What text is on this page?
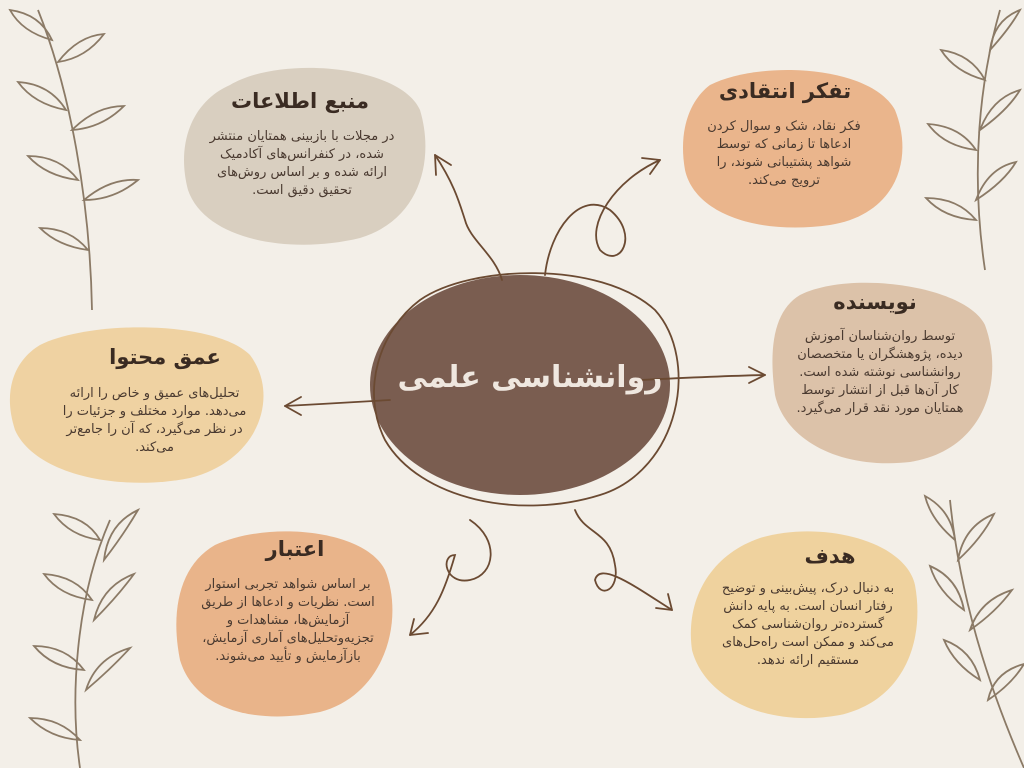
روانشناسی علمی
منبع اطلاعات

در مجلات با بازبینی همتایان منتشر شده، در کنفرانس‌های آکادمیک ارائه شده و بر اساس روش‌های تحقیق دقیق است.

تفکر انتقادی

فکر نقاد، شک و سوال کردن ادعاها تا زمانی که توسط شواهد پشتیبانی شوند، را ترویج می‌کند.

نویسنده

توسط روان‌شناسان آموزش دیده، پژوهشگران یا متخصصان روانشناسی نوشته شده است. کار آن‌ها قبل از انتشار توسط همتایان مورد نقد قرار می‌گیرد.

عمق محتوا

تحلیل‌های عمیق و خاص را ارائه می‌دهد. موارد مختلف و جزئیات را در نظر می‌گیرد، که آن را جامع‌تر می‌کند.

اعتبار

بر اساس شواهد تجربی استوار است. نظریات و ادعاها از طریق آزمایش‌ها، مشاهدات و تجزیه‌وتحلیل‌های آماری آزمایش، بازآزمایش و تأیید می‌شوند.

هدف

به دنبال درک، پیش‌بینی و توضیح رفتار انسان است. به پایه دانش گسترده‌تر روان‌شناسی کمک می‌کند و ممکن است راه‌حل‌های مستقیم ارائه ندهد.
